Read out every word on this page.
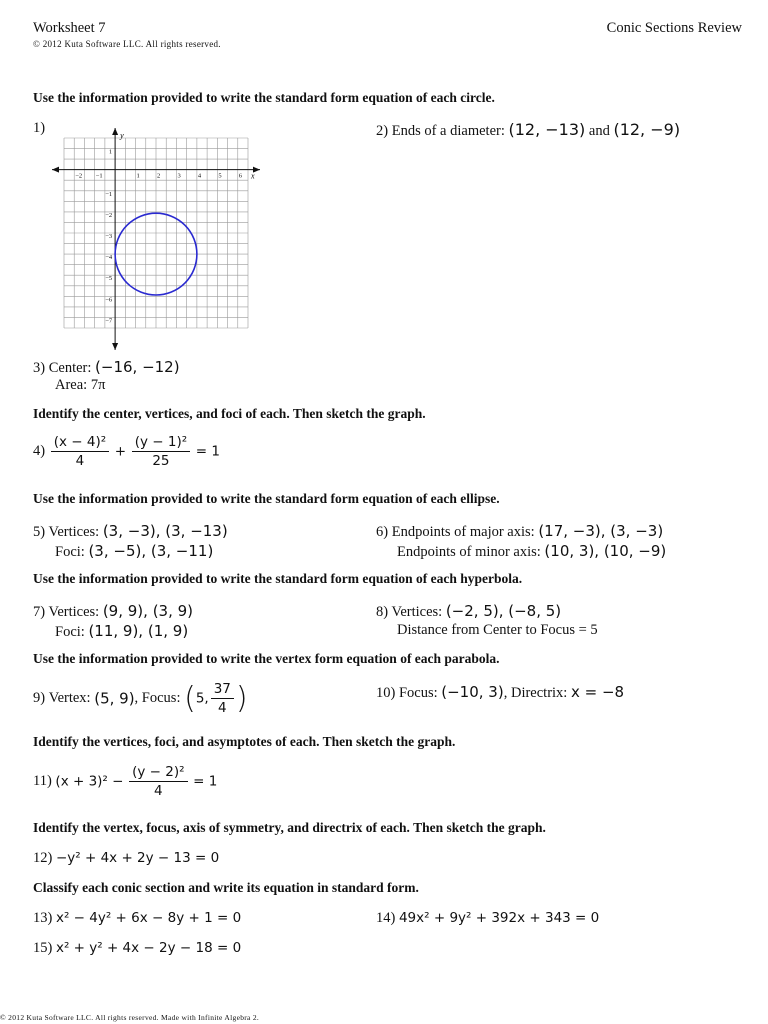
Worksheet 7	Conic Sections Review
© 2012 Kuta Software LLC. All rights reserved.
Use the information provided to write the standard form equation of each circle.
1)
−2 −1	1	2	3	4	5	6
1
−1
−2
−3
−4
−5
−6
−7
x
y	2) Ends of a diameter: (12, −13) and (12, −9)
3) Center: (−16, −12)
Area: 7π
Identify the center, vertices, and foci of each. Then sketch the graph.
$4) \frac{\text{(x − 4)²}}{4} + \frac{\text{(y − 1)²}}{25} = 1$
Use the information provided to write the standard form equation of each ellipse.
5) Vertices: (3, −3), (3, −13)
Foci: (3, −5), (3, −11)
6) Endpoints of major axis: (17, −3), (3, −3)
Endpoints of minor axis: (10, 3), (10, −9)
Use the information provided to write the standard form equation of each hyperbola.
7) Vertices: (9, 9), (3, 9)
Foci: (11, 9), (1, 9)
8) Vertices: (−2, 5), (−8, 5)
Distance from Center to Focus = 5
Use the information provided to write the vertex form equation of each parabola.
9) Vertex: (5, 9), Focus: (5, $\frac{37}{4}$ )	10) Focus: (−10, 3), Directrix: x = −8
Identify the vertices, foci, and asymptotes of each. Then sketch the graph.
11) $(x + 3)^2 - \frac{\text{(y − 2)²}}{4} = 1$
Identify the vertex, focus, axis of symmetry, and directrix of each. Then sketch the graph.
12) −y² + 4x + 2y − 13 = 0
Classify each conic section and write its equation in standard form.
13) x² − 4y² + 6x − 8y + 1 = 0	14) 49x² + 9y² + 392x + 343 = 0
15) x² + y² + 4x − 2y − 18 = 0
© 2012 Kuta Software LLC. All rights reserved. Made with Infinite Algebra 2.
